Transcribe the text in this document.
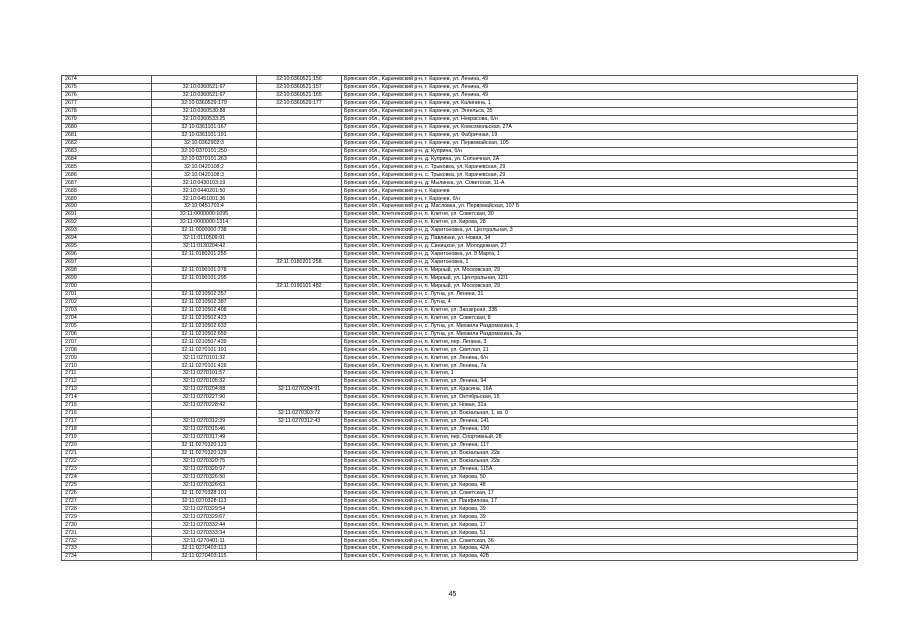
2674		32:10:0360521:156	Брянская обл., Карачевский р-н, г. Карачев, ул. Ленина, 49
2675	32:10:0360521:67	32:10:0360521:157	Брянская обл., Карачевский р-н, г. Карачев, ул. Ленина, 49
2676	32:10:0360521:67	32:10:0360521:165	Брянская обл., Карачевский р-н, г. Карачев, ул. Ленина, 49
2677	32:10:0360529:179	32:10:0360529:177	Брянская обл., Карачевский р-н, г. Карачев, ул. Калинина, 1
2678	32:10:0360530:88		Брянская обл., Карачевский р-н, г. Карачев, ул. Энгельса, 35
2679	32:10:0360533:25		Брянская обл., Карачевский р-н, г. Карачев, ул. Некрасова, б/н
2680	32:10:0361101:167		Брянская обл., Карачевский р-н, г. Карачев, ул. Комсомольская, 27А
2681	32:10:0361101:191		Брянская обл., Карачевский р-н, г. Карачев, ул. Фабричная, 19
2682	32:10:0362902:3		Брянская обл., Карачевский р-н, г. Карачев, ул. Первомайская, 105
2683	32:10:0370101:250		Брянская обл., Карачевский р-н, д. Куприна, б/н
2684	32:10:0370101:263		Брянская обл., Карачевский р-н, д. Куприна, ул. Солнечная, 2А
2685	32:10:0420108:2		Брянская обл., Карачевский р-н, с. Трыковка, ул. Карачевская, 29
2686	32:10:0420108:3		Брянская обл., Карачевский р-н, с. Трыковка, ул. Карачевская, 29
2687	32:10:0430103:19		Брянская обл., Карачевский р-н, д. Мылинка, ул. Советская, 11-А
2688	32:10:0440201:50		Брянская обл., Карачевский р-н, г. Карачев
2689	32:10:0451001:36		Брянская обл., Карачевский р-н, г. Карачев, б/н
2690	32:10:0451701:4		Брянская обл., Карачевский р-н, д. Масловка, ул. Первомайская, 107 Б
2691	32:11:0000000:1095		Брянская обл., Клетнянский р-н, п. Клетня, ул. Советская, 30
2692	32:11:0000000:1314		Брянская обл., Клетнянский р-н, п. Клетня, ул. Кирова, 28
2693	32:11:0000000:738		Брянская обл., Клетнянский р-н, д. Харитоновка, ул. Центральная, 3
2694	32:11:0110509:91		Брянская обл., Клетнянский р-н, д. Павлинки, ул. Новая, 34
2695	32:11:0130204:42		Брянская обл., Клетнянский р-н, д. Синицкое, ул. Молодежная, 27
2696	32:11:0180201:255		Брянская обл., Клетнянский р-н, д. Харитоновка, ул. 8 Марта, 1
2697		32:11:0180201:258	Брянская обл., Клетнянский р-н, д. Харитоновка, 1
2698	32:11:0190101:278		Брянская обл., Клетнянский р-н, п. Мирный, ул. Московская, 29
2699	32:11:0190101:295		Брянская обл., Клетнянский р-н, п. Мирный, ул. Центральная, 12/1
2700		32:11:0190101:482	Брянская обл., Клетнянский р-н, п. Мирный, ул. Московская, 29
2701	32:11:0210502:357		Брянская обл., Клетнянский р-н, с. Лутна, ул. Ленина, 31
2702	32:11:0210502:387		Брянская обл., Клетнянский р-н, с. Лутна, 4
2703	32:11:0210502:408		Брянская обл., Клетнянский р-н, п. Клетня, ул. Заозерная, 33Б
2704	32:11:0210502:423		Брянская обл., Клетнянский р-н, п. Клетня, ул. Советская, 8
2705	32:11:0210502:632		Брянская обл., Клетнянский р-н, с. Лутна, ул. Михаила Раздомахина, 3
2706	32:11:0210502:659		Брянская обл., Клетнянский р-н, с. Лутна, ул. Михаила Раздомахина, 2а
2707	32:11:0210507:439		Брянская обл., Клетнянский р-н, п. Клетня, пер. Ленина, 3
2708	32:11:0270101:191		Брянская обл., Клетнянский р-н, п. Клетня, ул. Светлая, 21
2709	32:11:0270101:32		Брянская обл., Клетнянский р-н, п. Клетня, ул. Ленина, б/н
2710	32:11:0270101:426		Брянская обл., Клетнянский р-н, п. Клетня, ул. Ленина, 7а
2711	32:11:0270101:57		Брянская обл., Клетнянский р-н, п. Клетня, 1
2712	32:11:0270105:32		Брянская обл., Клетнянский р-н, п. Клетня, ул. Ленина, 94
2713	32:11:0270204:88	32:11:0270204:91	Брянская обл., Клетнянский р-н, п. Клетня, ул. Красина, 16А
2714	32:11:0270227:90		Брянская обл., Клетнянский р-н, п. Клетня, ул. Октябрьская, 15
2715	32:11:0270228:42		Брянская обл., Клетнянский р-н, п. Клетня, ул. Новая, 31а
2716		32:11:0270303:72	Брянская обл., Клетнянский р-н, п. Клетня, ул. Вокзальная, 1, кв. 0
2717	32:11:0270312:39	32:11:0270312:43	Брянская обл., Клетнянский р-н, п. Клетня, ул. Ленина, 141
2718	32:11:0270315:46		Брянская обл., Клетнянский р-н, п. Клетня, ул. Ленина, 150
2719	32:11:0270317:49		Брянская обл., Клетнянский р-н, п. Клетня, пер. Спортивный, 28
2720	32:11:0270320:122		Брянская обл., Клетнянский р-н, п. Клетня, ул. Ленина, 117
2721	32:11:0270320:129		Брянская обл., Клетнянский р-н, п. Клетня, ул. Вокзальная, 22в
2722	32:11:0270320:75		Брянская обл., Клетнянский р-н, п. Клетня, ул. Вокзальная, 22в
2723	32:11:0270320:97		Брянская обл., Клетнянский р-н, п. Клетня, ул. Ленина, 115А
2724	32:11:0270326:50		Брянская обл., Клетнянский р-н, п. Клетня, ул. Кирова, 50
2725	32:11:0270326:63		Брянская обл., Клетнянский р-н, п. Клетня, ул. Кирова, 48
2726	32:11:0270328:101		Брянская обл., Клетнянский р-н, п. Клетня, ул. Советская, 17
2727	32:11:0270328:113		Брянская обл., Клетнянский р-н, п. Клетня, ул. Панфилова, 17
2728	32:11:0270329:54		Брянская обл., Клетнянский р-н, п. Клетня, ул. Кирова, 39
2729	32:11:0270329:67		Брянская обл., Клетнянский р-н, п. Клетня, ул. Кирова, 39
2730	32:11:0270332:44		Брянская обл., Клетнянский р-н, п. Клетня, ул. Кирова, 17
2731	32:11:0270333:34		Брянская обл., Клетнянский р-н, п. Клетня, ул. Кирова, 51
2732	32:11:0270401:11		Брянская обл., Клетнянский р-н, п. Клетня, ул. Советская, 36
2733	32:11:0270403:113		Брянская обл., Клетнянский р-н, п. Клетня, ул. Кирова, 42А
2734	32:11:0270403:115		Брянская обл., Клетнянский р-н, п. Клетня, ул. Кирова, 42Б
45
